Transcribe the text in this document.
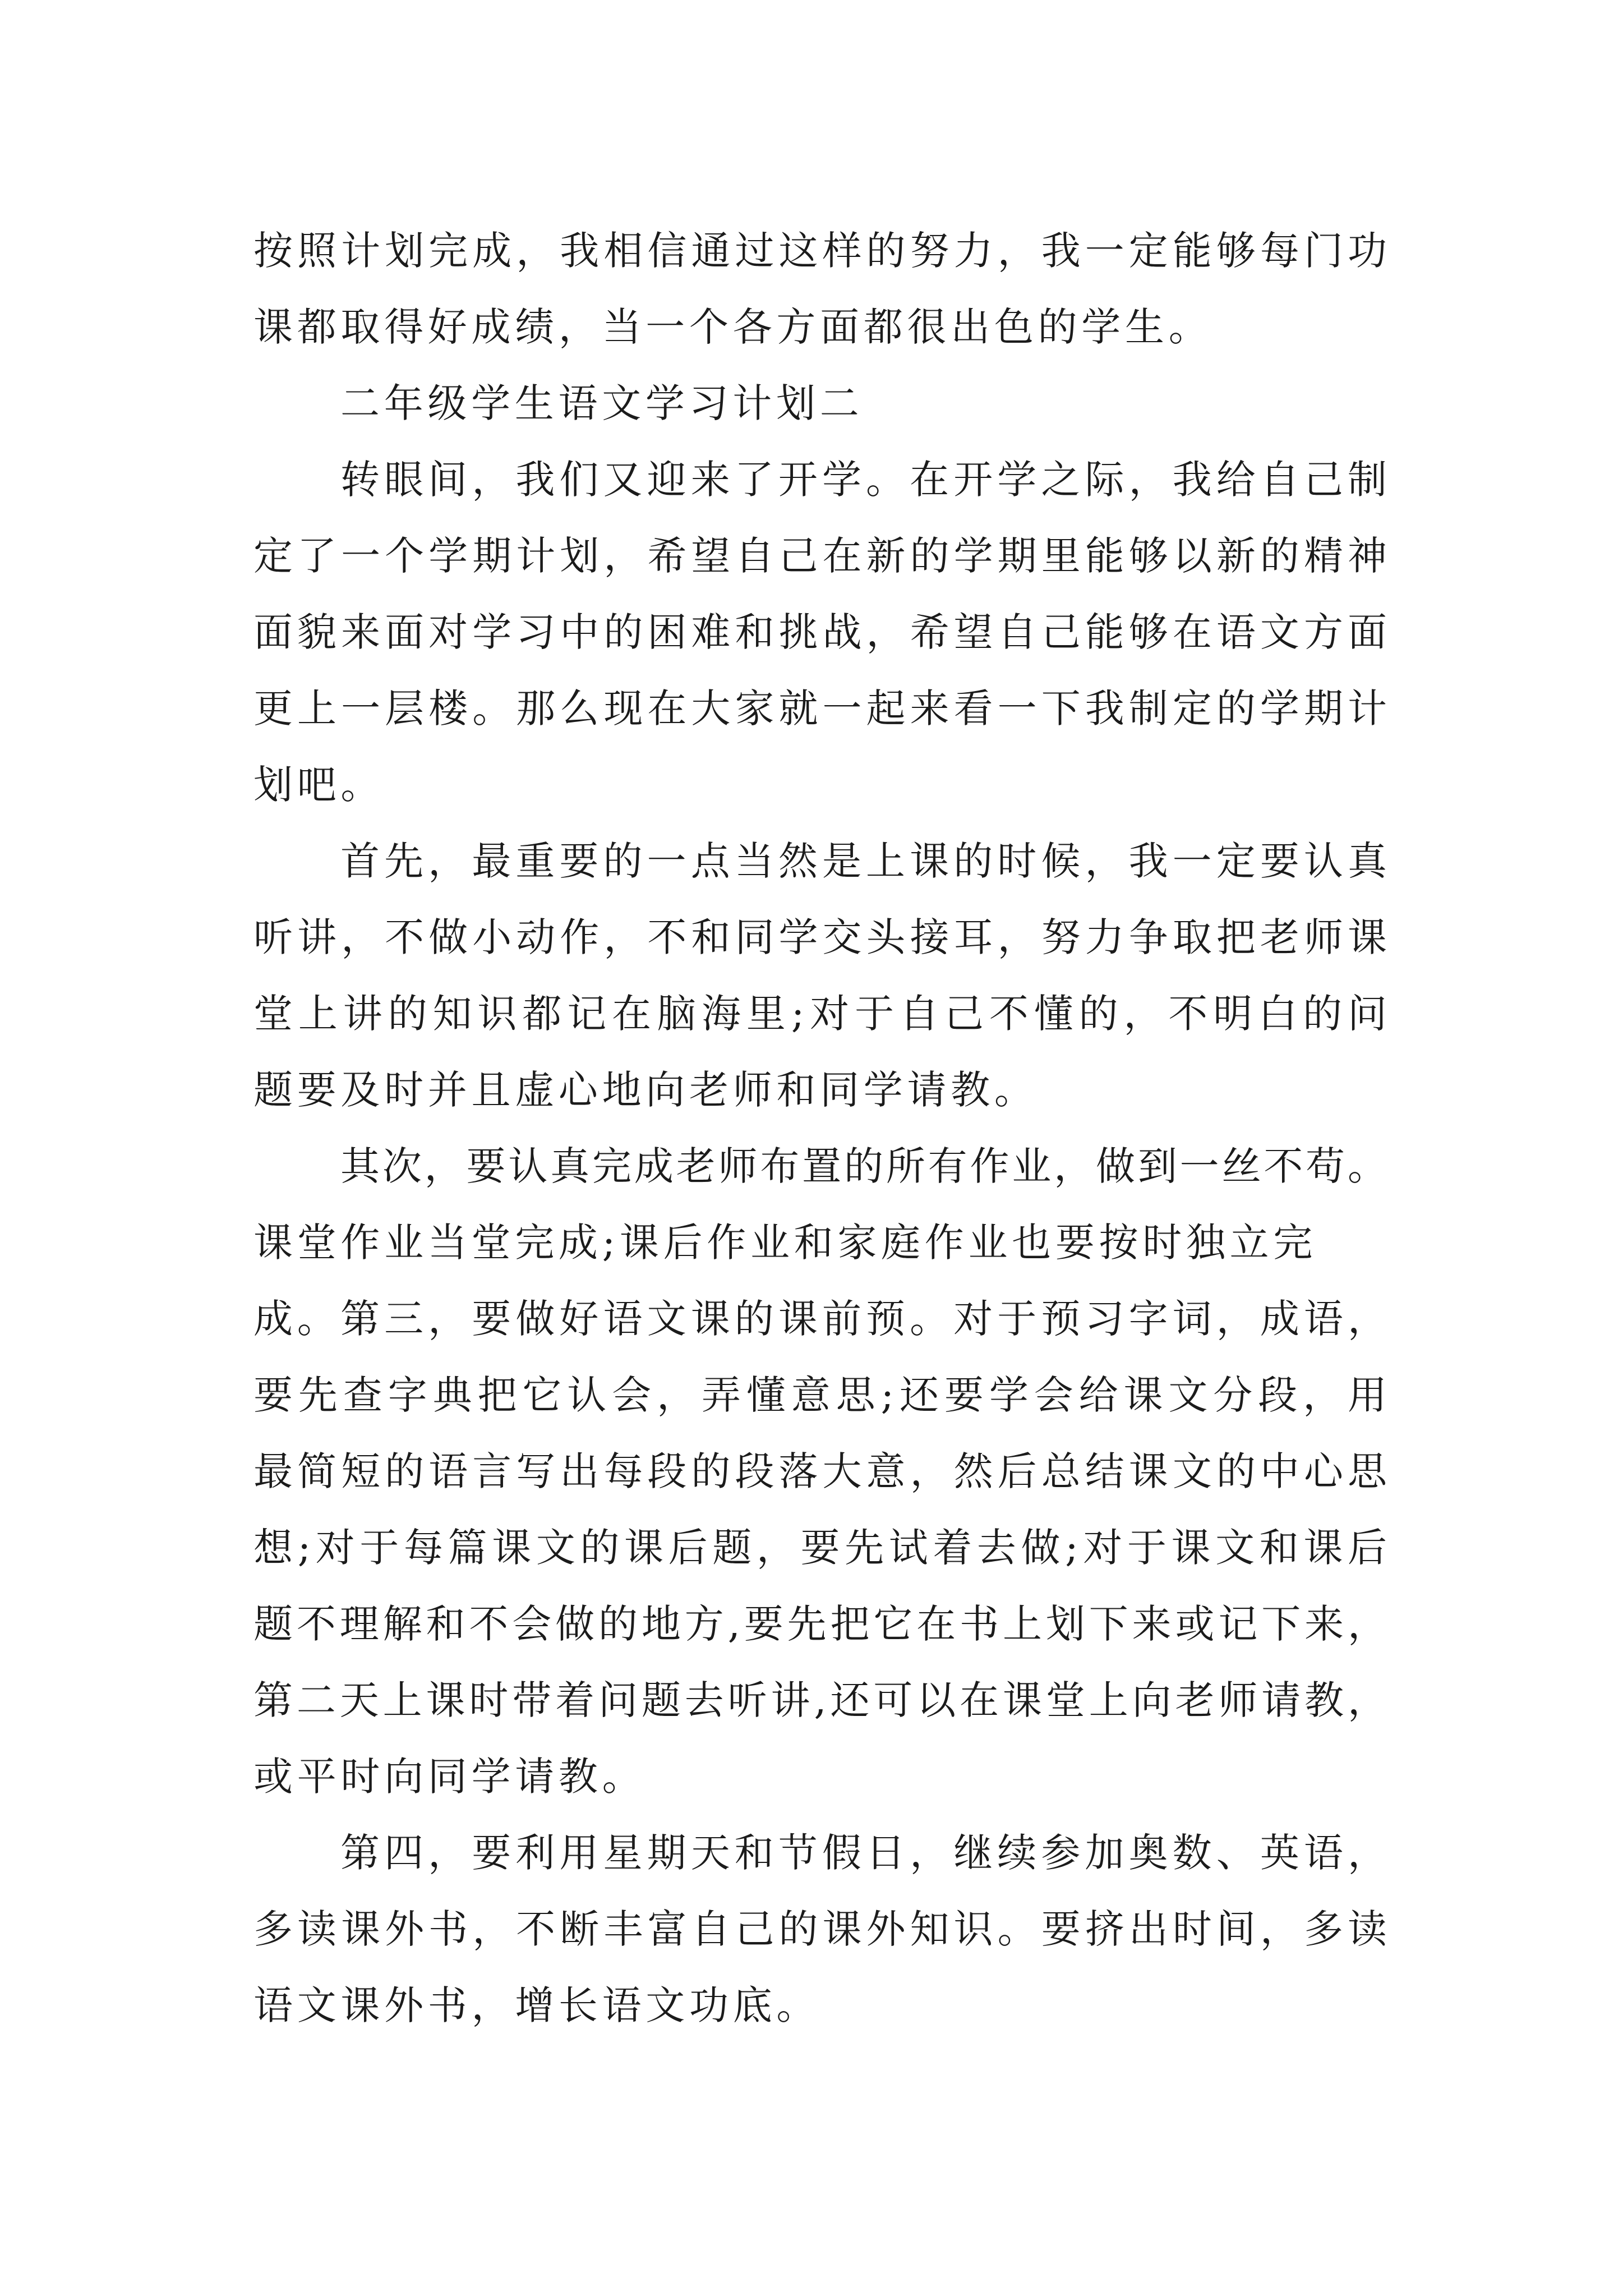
按照计划完成，我相信通过这样的努力，我一定能够每门功
课都取得好成绩，当一个各方面都很出色的学生。
二年级学生语文学习计划二
转眼间，我们又迎来了开学。在开学之际，我给自己制
定了一个学期计划，希望自己在新的学期里能够以新的精神
面貌来面对学习中的困难和挑战，希望自己能够在语文方面
更上一层楼。那么现在大家就一起来看一下我制定的学期计
划吧。
首先，最重要的一点当然是上课的时候，我一定要认真
听讲，不做小动作，不和同学交头接耳，努力争取把老师课
堂上讲的知识都记在脑海里;对于自己不懂的，不明白的问
题要及时并且虚心地向老师和同学请教。
其次，要认真完成老师布置的所有作业，做到一丝不苟。
课堂作业当堂完成;课后作业和家庭作业也要按时独立完成。 第三，要做好语文课的课前预。对于预习字词，成语，
要先查字典把它认会，弄懂意思;还要学会给课文分段，用
最简短的语言写出每段的段落大意，然后总结课文的中心思
想;对于每篇课文的课后题，要先试着去做;对于课文和课后
题不理解和不会做的地方,要先把它在书上划下来或记下来，
第二天上课时带着问题去听讲,还可以在课堂上向老师请教，
或平时向同学请教。
第四，要利用星期天和节假日，继续参加奥数、英语，
多读课外书，不断丰富自己的课外知识。要挤出时间，多读
语文课外书，增长语文功底。
